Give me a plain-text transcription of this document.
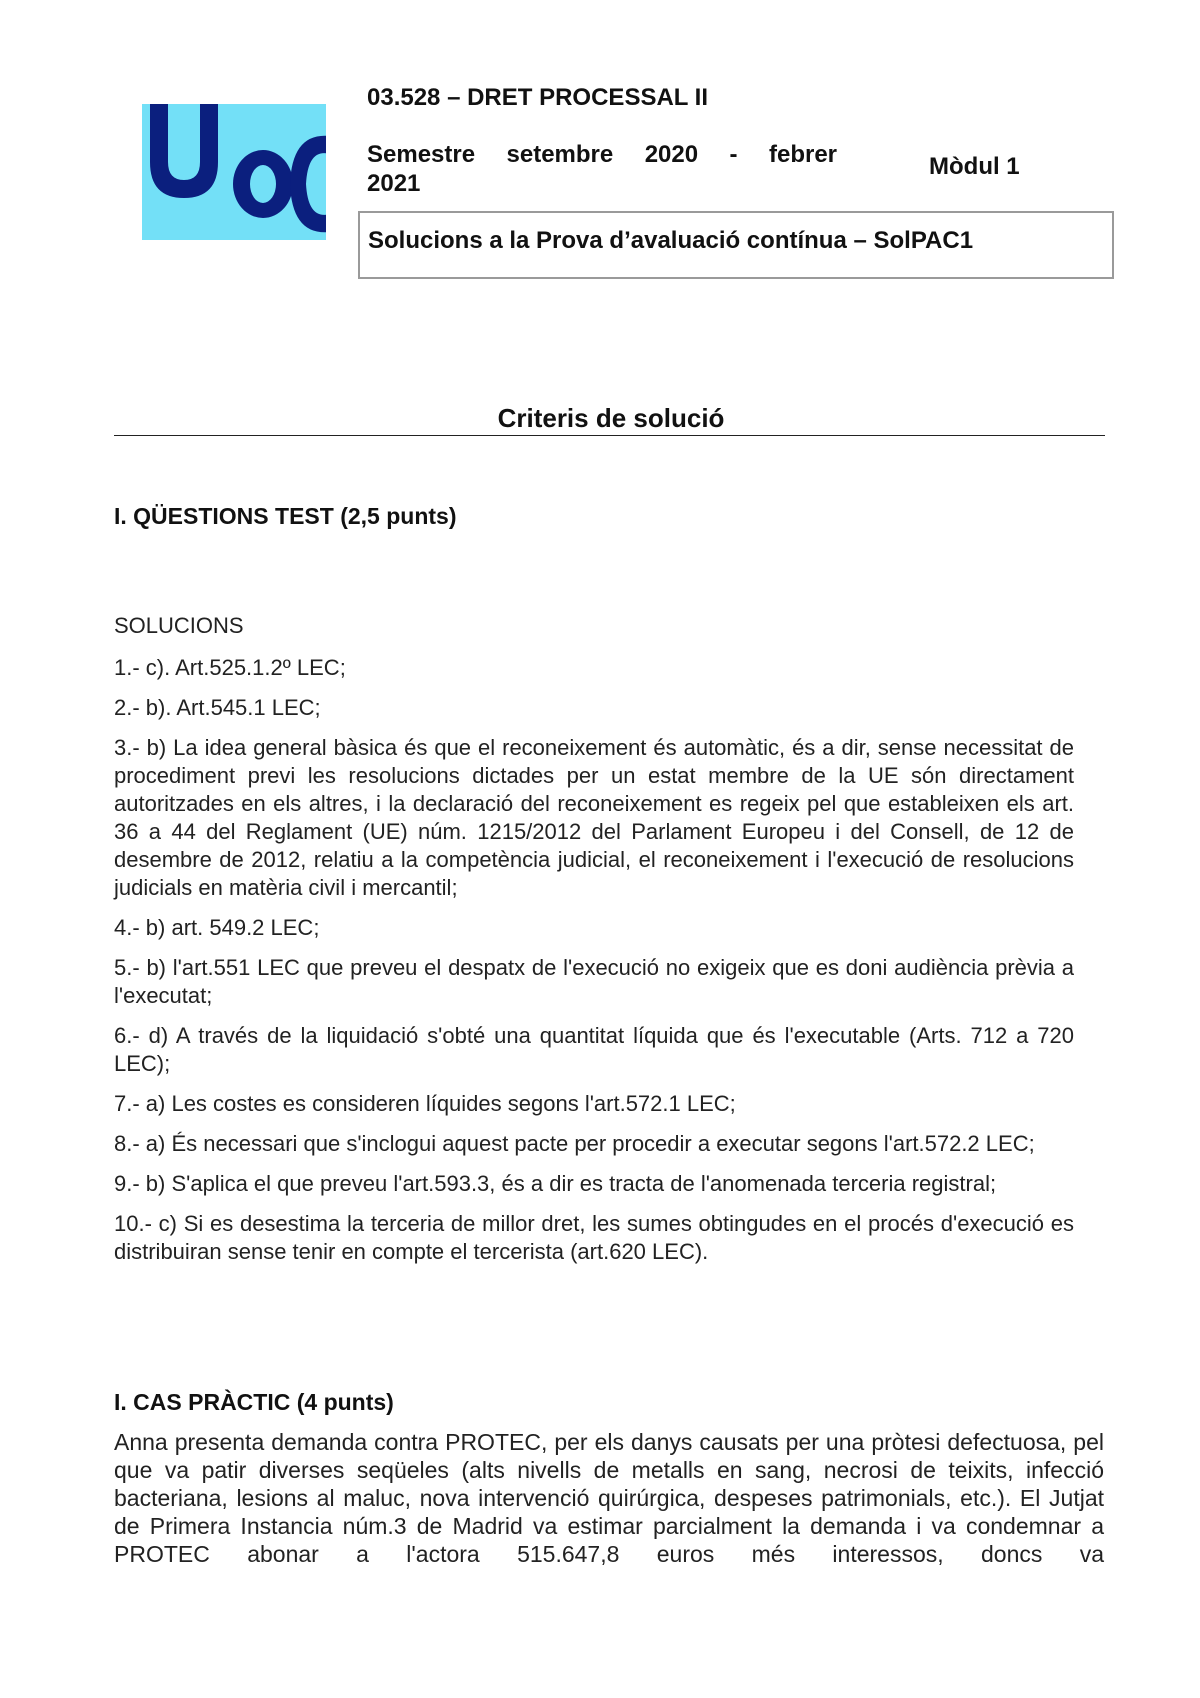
03.528 – DRET PROCESSAL II
Semestre setembre 2020 - febrer
2021
Mòdul 1
Solucions a la Prova d’avaluació contínua – SolPAC1
Criteris de solució
I. QÜESTIONS TEST (2,5 punts)

SOLUCIONS

1.- c). Art.525.1.2º LEC;

2.- b). Art.545.1 LEC;

3.- b) La idea general bàsica és que el reconeixement és automàtic, és a dir, sense necessitat de procediment previ les resolucions dictades per un estat membre de la UE són directament autoritzades en els altres, i la declaració del reconeixement es regeix pel que estableixen els art. 36 a 44 del Reglament (UE) núm. 1215/2012 del Parlament Europeu i del Consell, de 12 de desembre de 2012, relatiu a la competència judicial, el reconeixement i l'execució de resolucions judicials en matèria civil i mercantil;

4.- b) art. 549.2 LEC;

5.- b) l'art.551 LEC que preveu el despatx de l'execució no exigeix que es doni audiència prèvia a l'executat;

6.- d) A través de la liquidació s'obté una quantitat líquida que és l'executable (Arts. 712 a 720 LEC);

7.- a) Les costes es consideren líquides segons l'art.572.1 LEC;

8.- a) És necessari que s'inclogui aquest pacte per procedir a executar segons l'art.572.2 LEC;

9.- b) S'aplica el que preveu l'art.593.3, és a dir es tracta de l'anomenada terceria registral;

10.- c) Si es desestima la terceria de millor dret, les sumes obtingudes en el procés d'execució es distribuiran sense tenir en compte el tercerista (art.620 LEC).

I. CAS PRÀCTIC (4 punts)

Anna presenta demanda contra PROTEC, per els danys causats per una pròtesi defectuosa, pel que va patir diverses seqüeles (alts nivells de metalls en sang, necrosi de teixits, infecció bacteriana, lesions al maluc, nova intervenció quirúrgica, despeses patrimonials, etc.). El Jutjat de Primera Instancia núm.3 de Madrid va estimar parcialment la demanda i va condemnar a PROTEC abonar a l'actora 515.647,8 euros més interessos, doncs va
